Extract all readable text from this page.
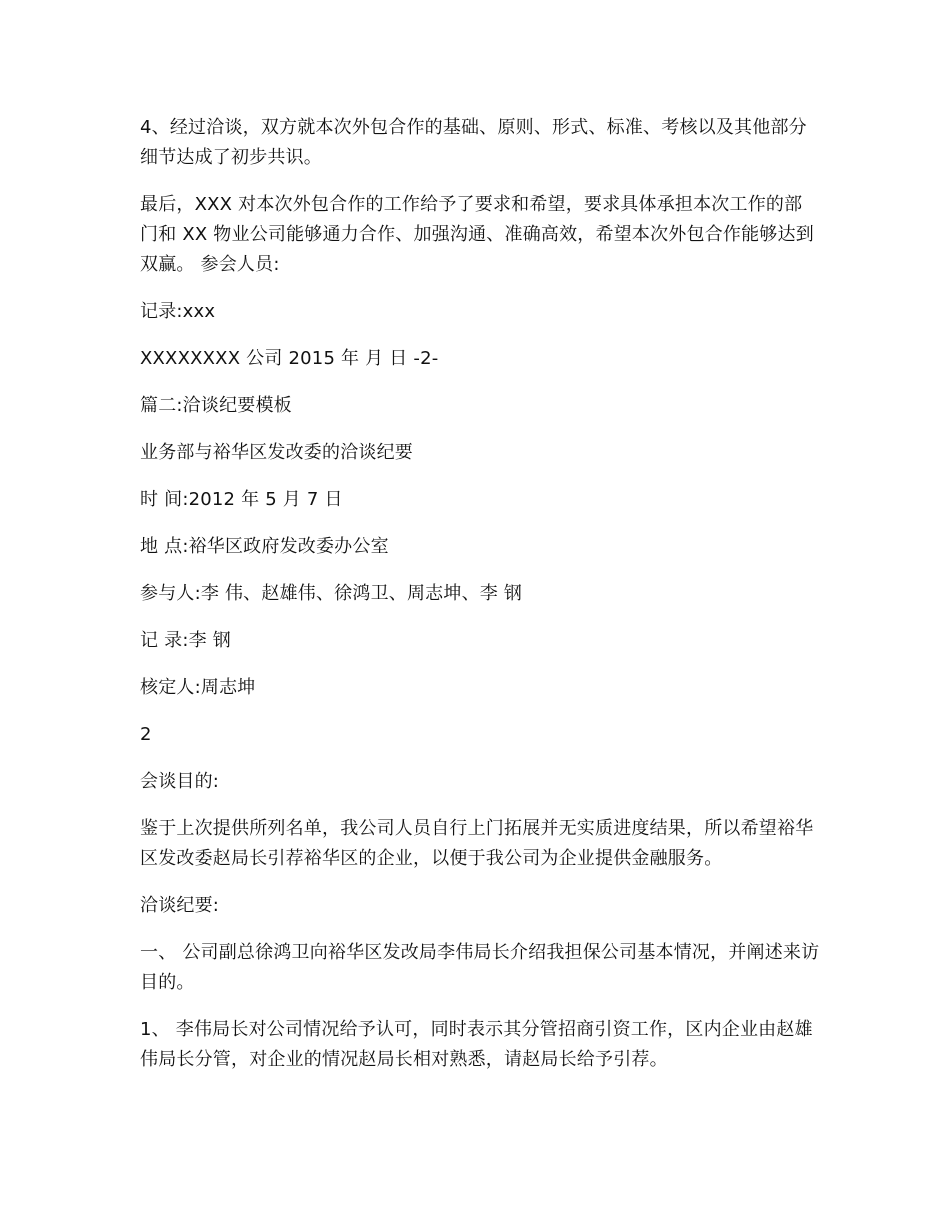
4、经过洽谈，双方就本次外包合作的基础、原则、形式、标准、考核以及其他部分细节达成了初步共识。

最后，XXX 对本次外包合作的工作给予了要求和希望，要求具体承担本次工作的部门和 XX 物业公司能够通力合作、加强沟通、准确高效，希望本次外包合作能够达到双赢。 参会人员:

记录:xxx

XXXXXXXX 公司 2015 年 月 日 -2-

篇二:洽谈纪要模板

业务部与裕华区发改委的洽谈纪要

时 间:2012 年 5 月 7 日

地 点:裕华区政府发改委办公室

参与人:李 伟、赵雄伟、徐鸿卫、周志坤、李 钢

记 录:李 钢

核定人:周志坤

2

会谈目的:

鉴于上次提供所列名单，我公司人员自行上门拓展并无实质进度结果，所以希望裕华区发改委赵局长引荐裕华区的企业，以便于我公司为企业提供金融服务。

洽谈纪要:

一、 公司副总徐鸿卫向裕华区发改局李伟局长介绍我担保公司基本情况，并阐述来访目的。

1、 李伟局长对公司情况给予认可，同时表示其分管招商引资工作，区内企业由赵雄伟局长分管，对企业的情况赵局长相对熟悉，请赵局长给予引荐。
